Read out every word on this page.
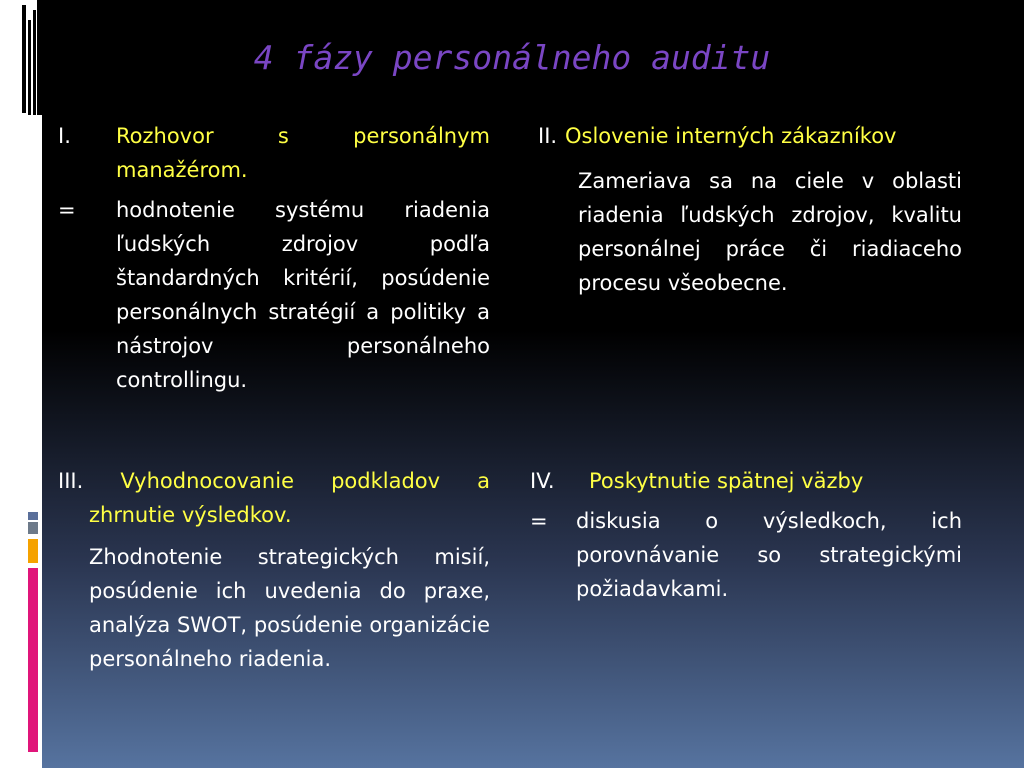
4 fázy personálneho auditu
I.	Rozhovor s personálnym manažérom.
=	hodnotenie systému riadenia ľudských zdrojov podľa štandardných kritérií, posúdenie personálnych stratégií a politiky a nástrojov personálneho controllingu.
II. Oslovenie interných zákazníkov
Zameriava sa na ciele v oblasti riadenia ľudských zdrojov, kvalitu personálnej práce či riadiaceho procesu všeobecne.
III. Vyhodnocovanie podkladov a zhrnutie výsledkov.
Zhodnotenie strategických misií, posúdenie ich uvedenia do praxe, analýza SWOT, posúdenie organizácie personálneho riadenia.
IV.	Poskytnutie spätnej väzby
=	diskusia o výsledkoch, ich porovnávanie so strategickými požiadavkami.
